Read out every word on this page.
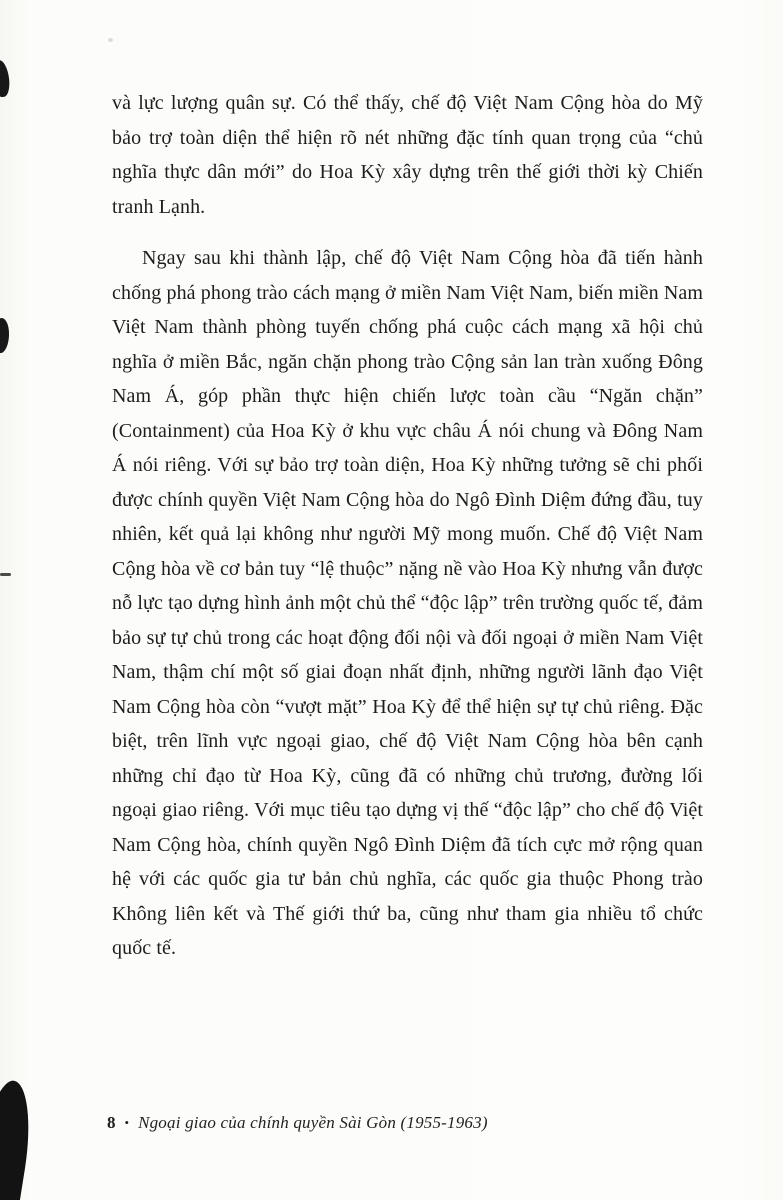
và lực lượng quân sự. Có thể thấy, chế độ Việt Nam Cộng hòa do Mỹ bảo trợ toàn diện thể hiện rõ nét những đặc tính quan trọng của “chủ nghĩa thực dân mới” do Hoa Kỳ xây dựng trên thế giới thời kỳ Chiến tranh Lạnh.

Ngay sau khi thành lập, chế độ Việt Nam Cộng hòa đã tiến hành chống phá phong trào cách mạng ở miền Nam Việt Nam, biến miền Nam Việt Nam thành phòng tuyến chống phá cuộc cách mạng xã hội chủ nghĩa ở miền Bắc, ngăn chặn phong trào Cộng sản lan tràn xuống Đông Nam Á, góp phần thực hiện chiến lược toàn cầu “Ngăn chặn” (Containment) của Hoa Kỳ ở khu vực châu Á nói chung và Đông Nam Á nói riêng. Với sự bảo trợ toàn diện, Hoa Kỳ những tưởng sẽ chi phối được chính quyền Việt Nam Cộng hòa do Ngô Đình Diệm đứng đầu, tuy nhiên, kết quả lại không như người Mỹ mong muốn. Chế độ Việt Nam Cộng hòa về cơ bản tuy “lệ thuộc” nặng nề vào Hoa Kỳ nhưng vẫn được nỗ lực tạo dựng hình ảnh một chủ thể “độc lập” trên trường quốc tế, đảm bảo sự tự chủ trong các hoạt động đối nội và đối ngoại ở miền Nam Việt Nam, thậm chí một số giai đoạn nhất định, những người lãnh đạo Việt Nam Cộng hòa còn “vượt mặt” Hoa Kỳ để thể hiện sự tự chủ riêng. Đặc biệt, trên lĩnh vực ngoại giao, chế độ Việt Nam Cộng hòa bên cạnh những chỉ đạo từ Hoa Kỳ, cũng đã có những chủ trương, đường lối ngoại giao riêng. Với mục tiêu tạo dựng vị thế “độc lập” cho chế độ Việt Nam Cộng hòa, chính quyền Ngô Đình Diệm đã tích cực mở rộng quan hệ với các quốc gia tư bản chủ nghĩa, các quốc gia thuộc Phong trào Không liên kết và Thế giới thứ ba, cũng như tham gia nhiều tổ chức quốc tế.

8 • Ngoại giao của chính quyền Sài Gòn (1955-1963)
